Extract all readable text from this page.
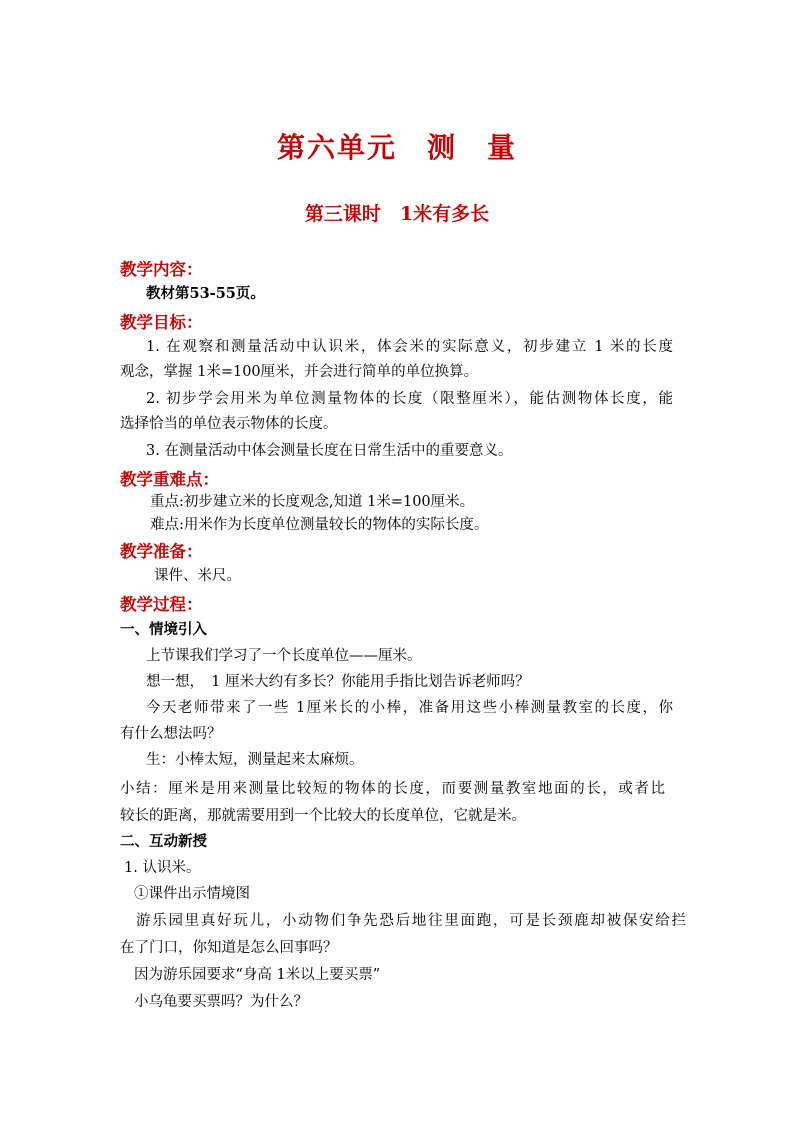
第六单元　测　量
第三课时　1米有多长
教学内容：
教材第53-55页。
教学目标：
1. 在观察和测量活动中认识米，体会米的实际意义，初步建立 1 米的长度
观念，掌握 1米=100厘米，并会进行简单的单位换算。
2. 初步学会用米为单位测量物体的长度（限整厘米），能估测物体长度，能
选择恰当的单位表示物体的长度。
3. 在测量活动中体会测量长度在日常生活中的重要意义。
教学重难点：
重点:初步建立米的长度观念,知道 1米=100厘米。
难点:用米作为长度单位测量较长的物体的实际长度。
教学准备：
课件、米尺。
教学过程：
一、情境引入
上节课我们学习了一个长度单位——厘米。
想一想，　1 厘米大约有多长？你能用手指比划告诉老师吗？
今天老师带来了一些 1厘米长的小棒，准备用这些小棒测量教室的长度，你
有什么想法吗？
生：小棒太短，测量起来太麻烦。
小结：厘米是用来测量比较短的物体的长度，而要测量教室地面的长，或者比
较长的距离，那就需要用到一个比较大的长度单位，它就是米。
二、互动新授
1. 认识米。
①课件出示情境图
游乐园里真好玩儿，小动物们争先恐后地往里面跑，可是长颈鹿却被保安给拦
在了门口，你知道是怎么回事吗？
因为游乐园要求“身高 1米以上要买票”
小乌龟要买票吗？为什么？
